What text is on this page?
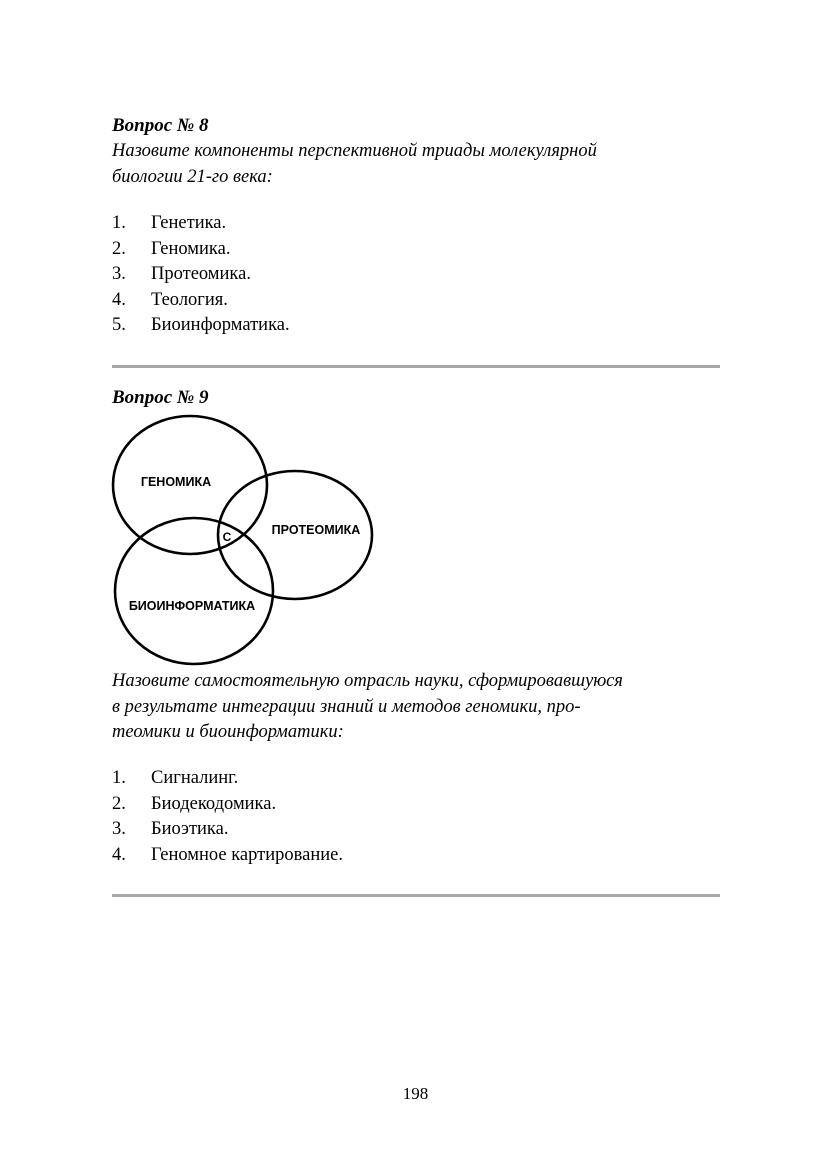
Вопрос № 8

Назовите компоненты перспективной триады молекулярной
биологии 21-го века:

1. Генетика.
2. Геномика.
3. Протеомика.
4. Теология.
5. Биоинформатика.
Вопрос № 9
ГЕНОМИКА
ПРОТЕОМИКА
БИОИНФОРМАТИКА
C

Назовите самостоятельную отрасль науки, сформировавшуюся
в результате интеграции знаний и методов геномики, про-
теомики и биоинформатики:

1. Сигналинг.
2. Биодекодомика.
3. Биоэтика.
4. Геномное картирование.
198
